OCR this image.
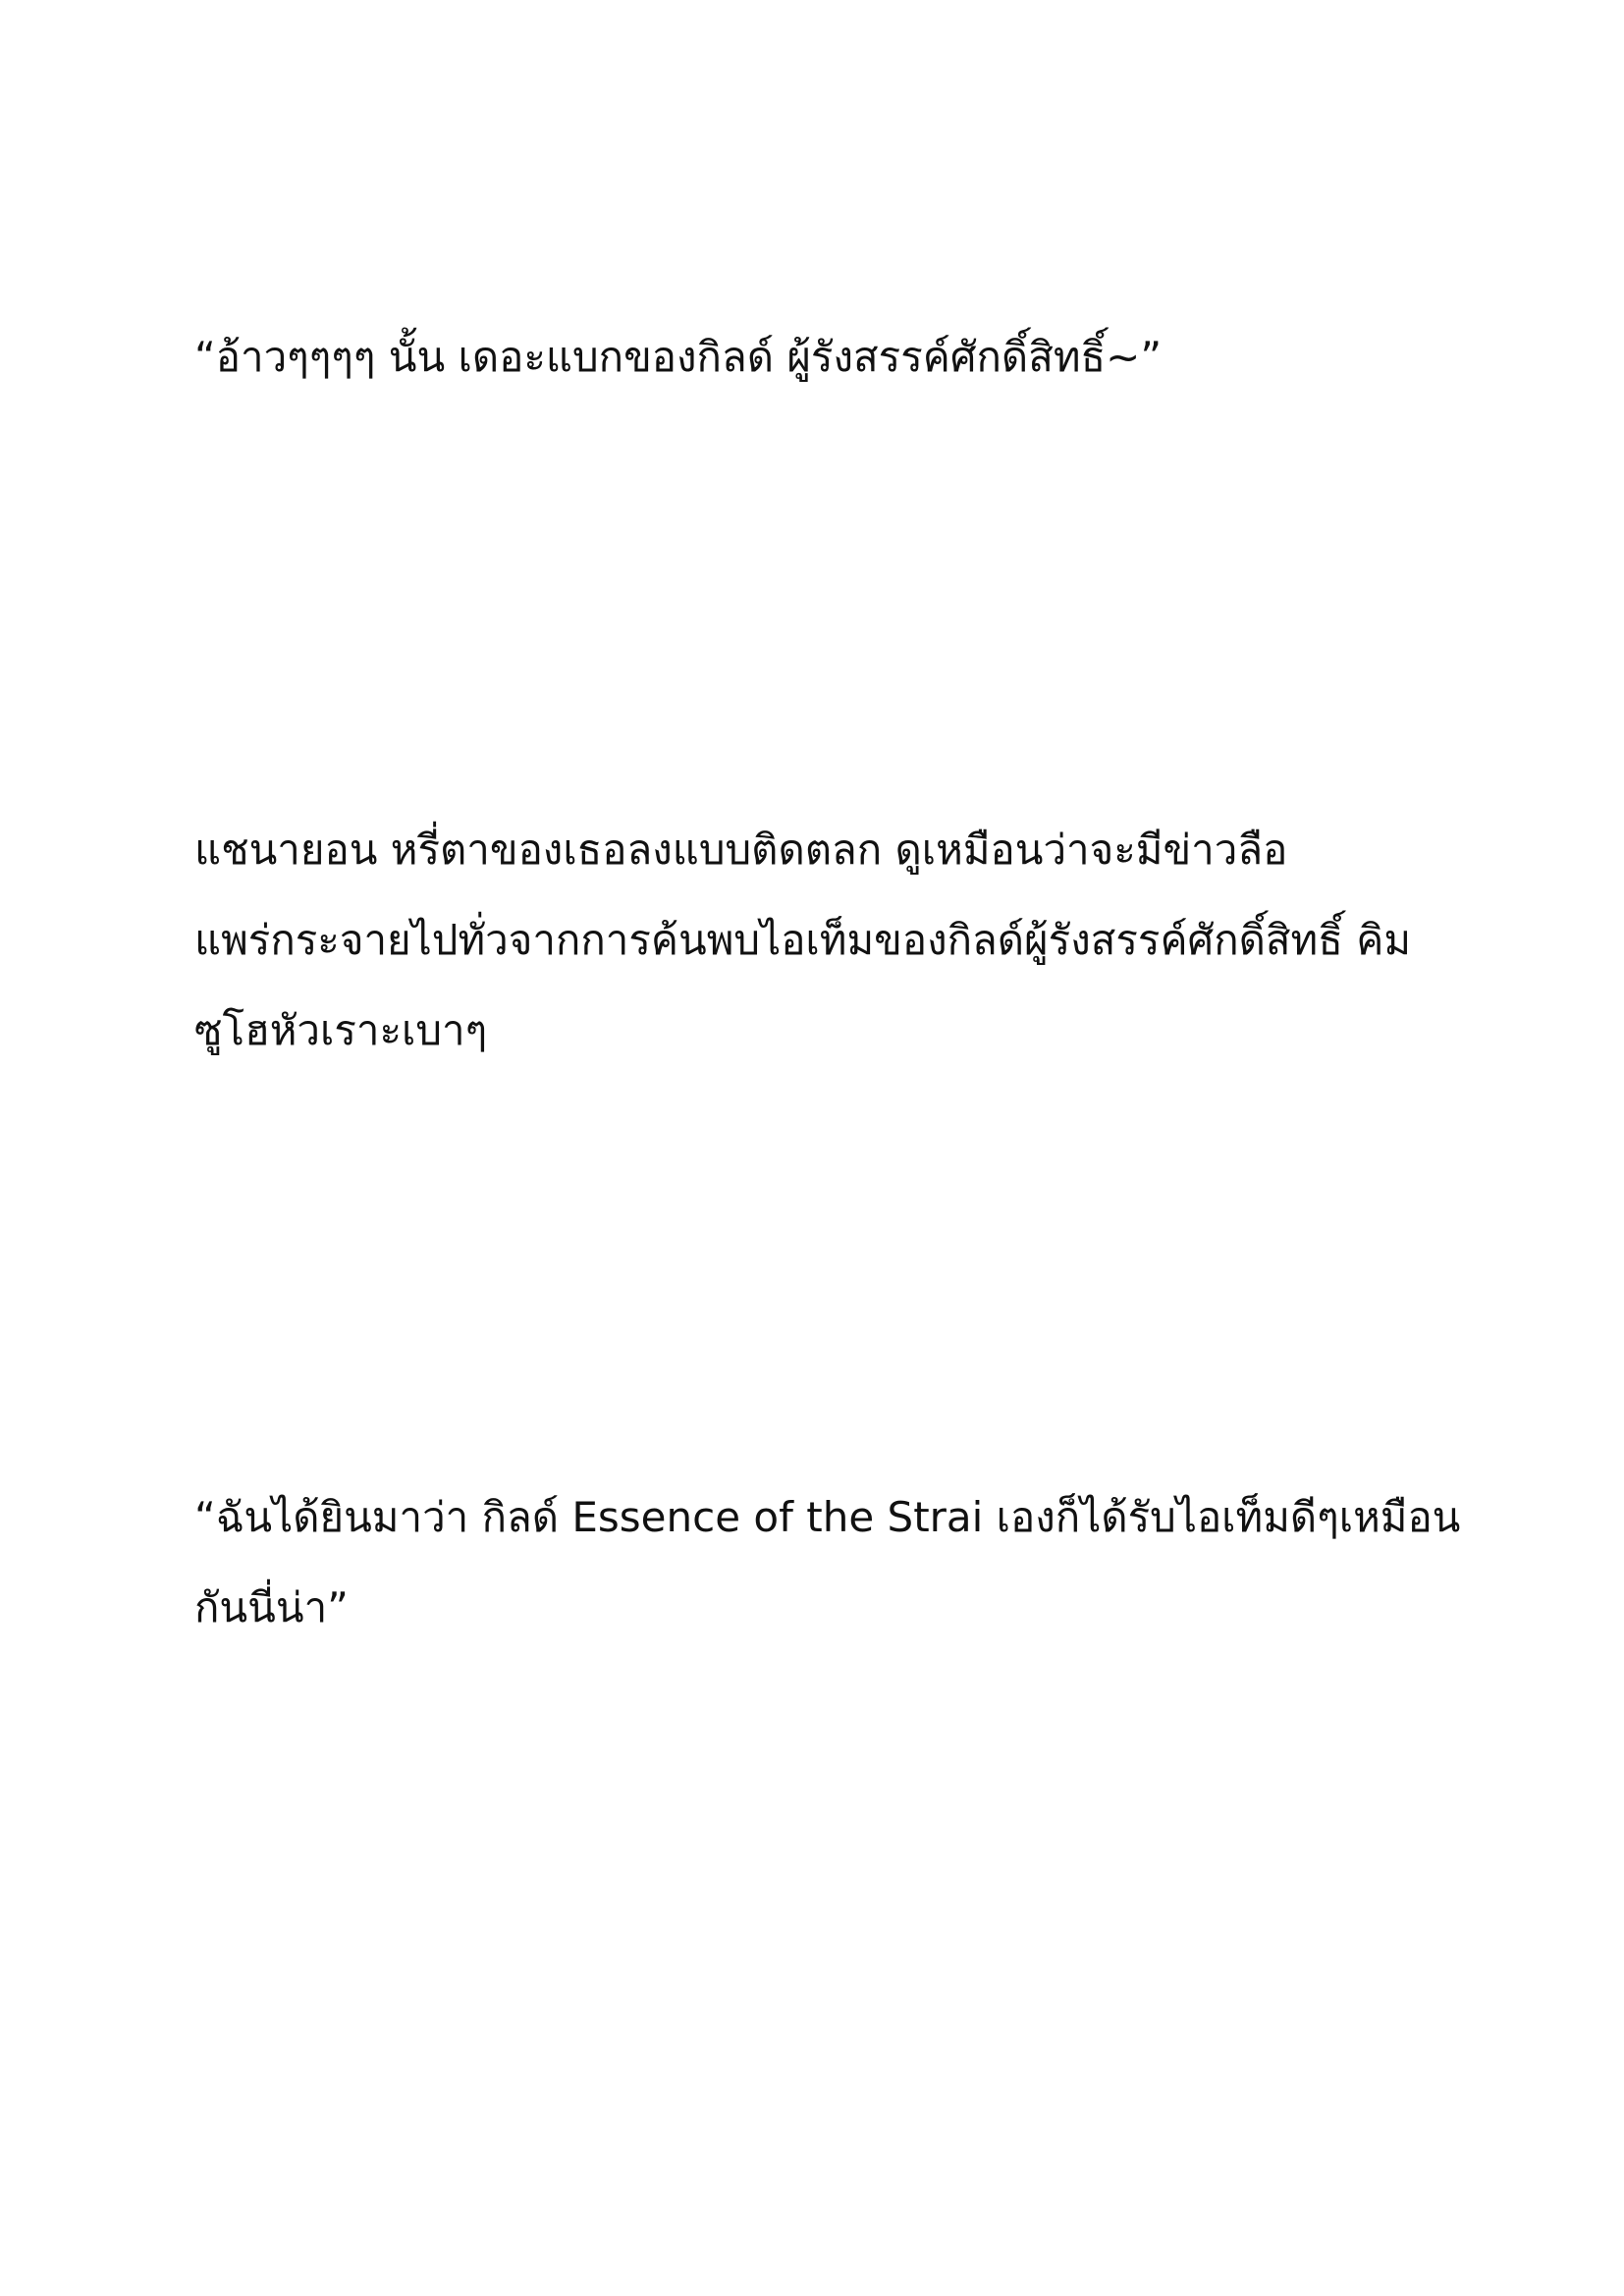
“อ้าวๆๆๆๆ นั้น เดอะแบกของกิลด์ ผู้รังสรรค์ศักดิ์สิทธิ์~”

แชนายอน หรี่ตาของเธอลงแบบติดตลก ดูเหมือนว่าจะมีข่าวลือ
แพร่กระจายไปทั่วจากการค้นพบไอเท็มของกิลด์ผู้รังสรรค์ศักดิ์สิทธิ์ คิม
ซูโฮหัวเราะเบาๆ

“ฉันได้ยินมาว่า กิลด์ Essence of the Strai เองก็ได้รับไอเท็มดีๆเหมือน
กันนี่น่า”
